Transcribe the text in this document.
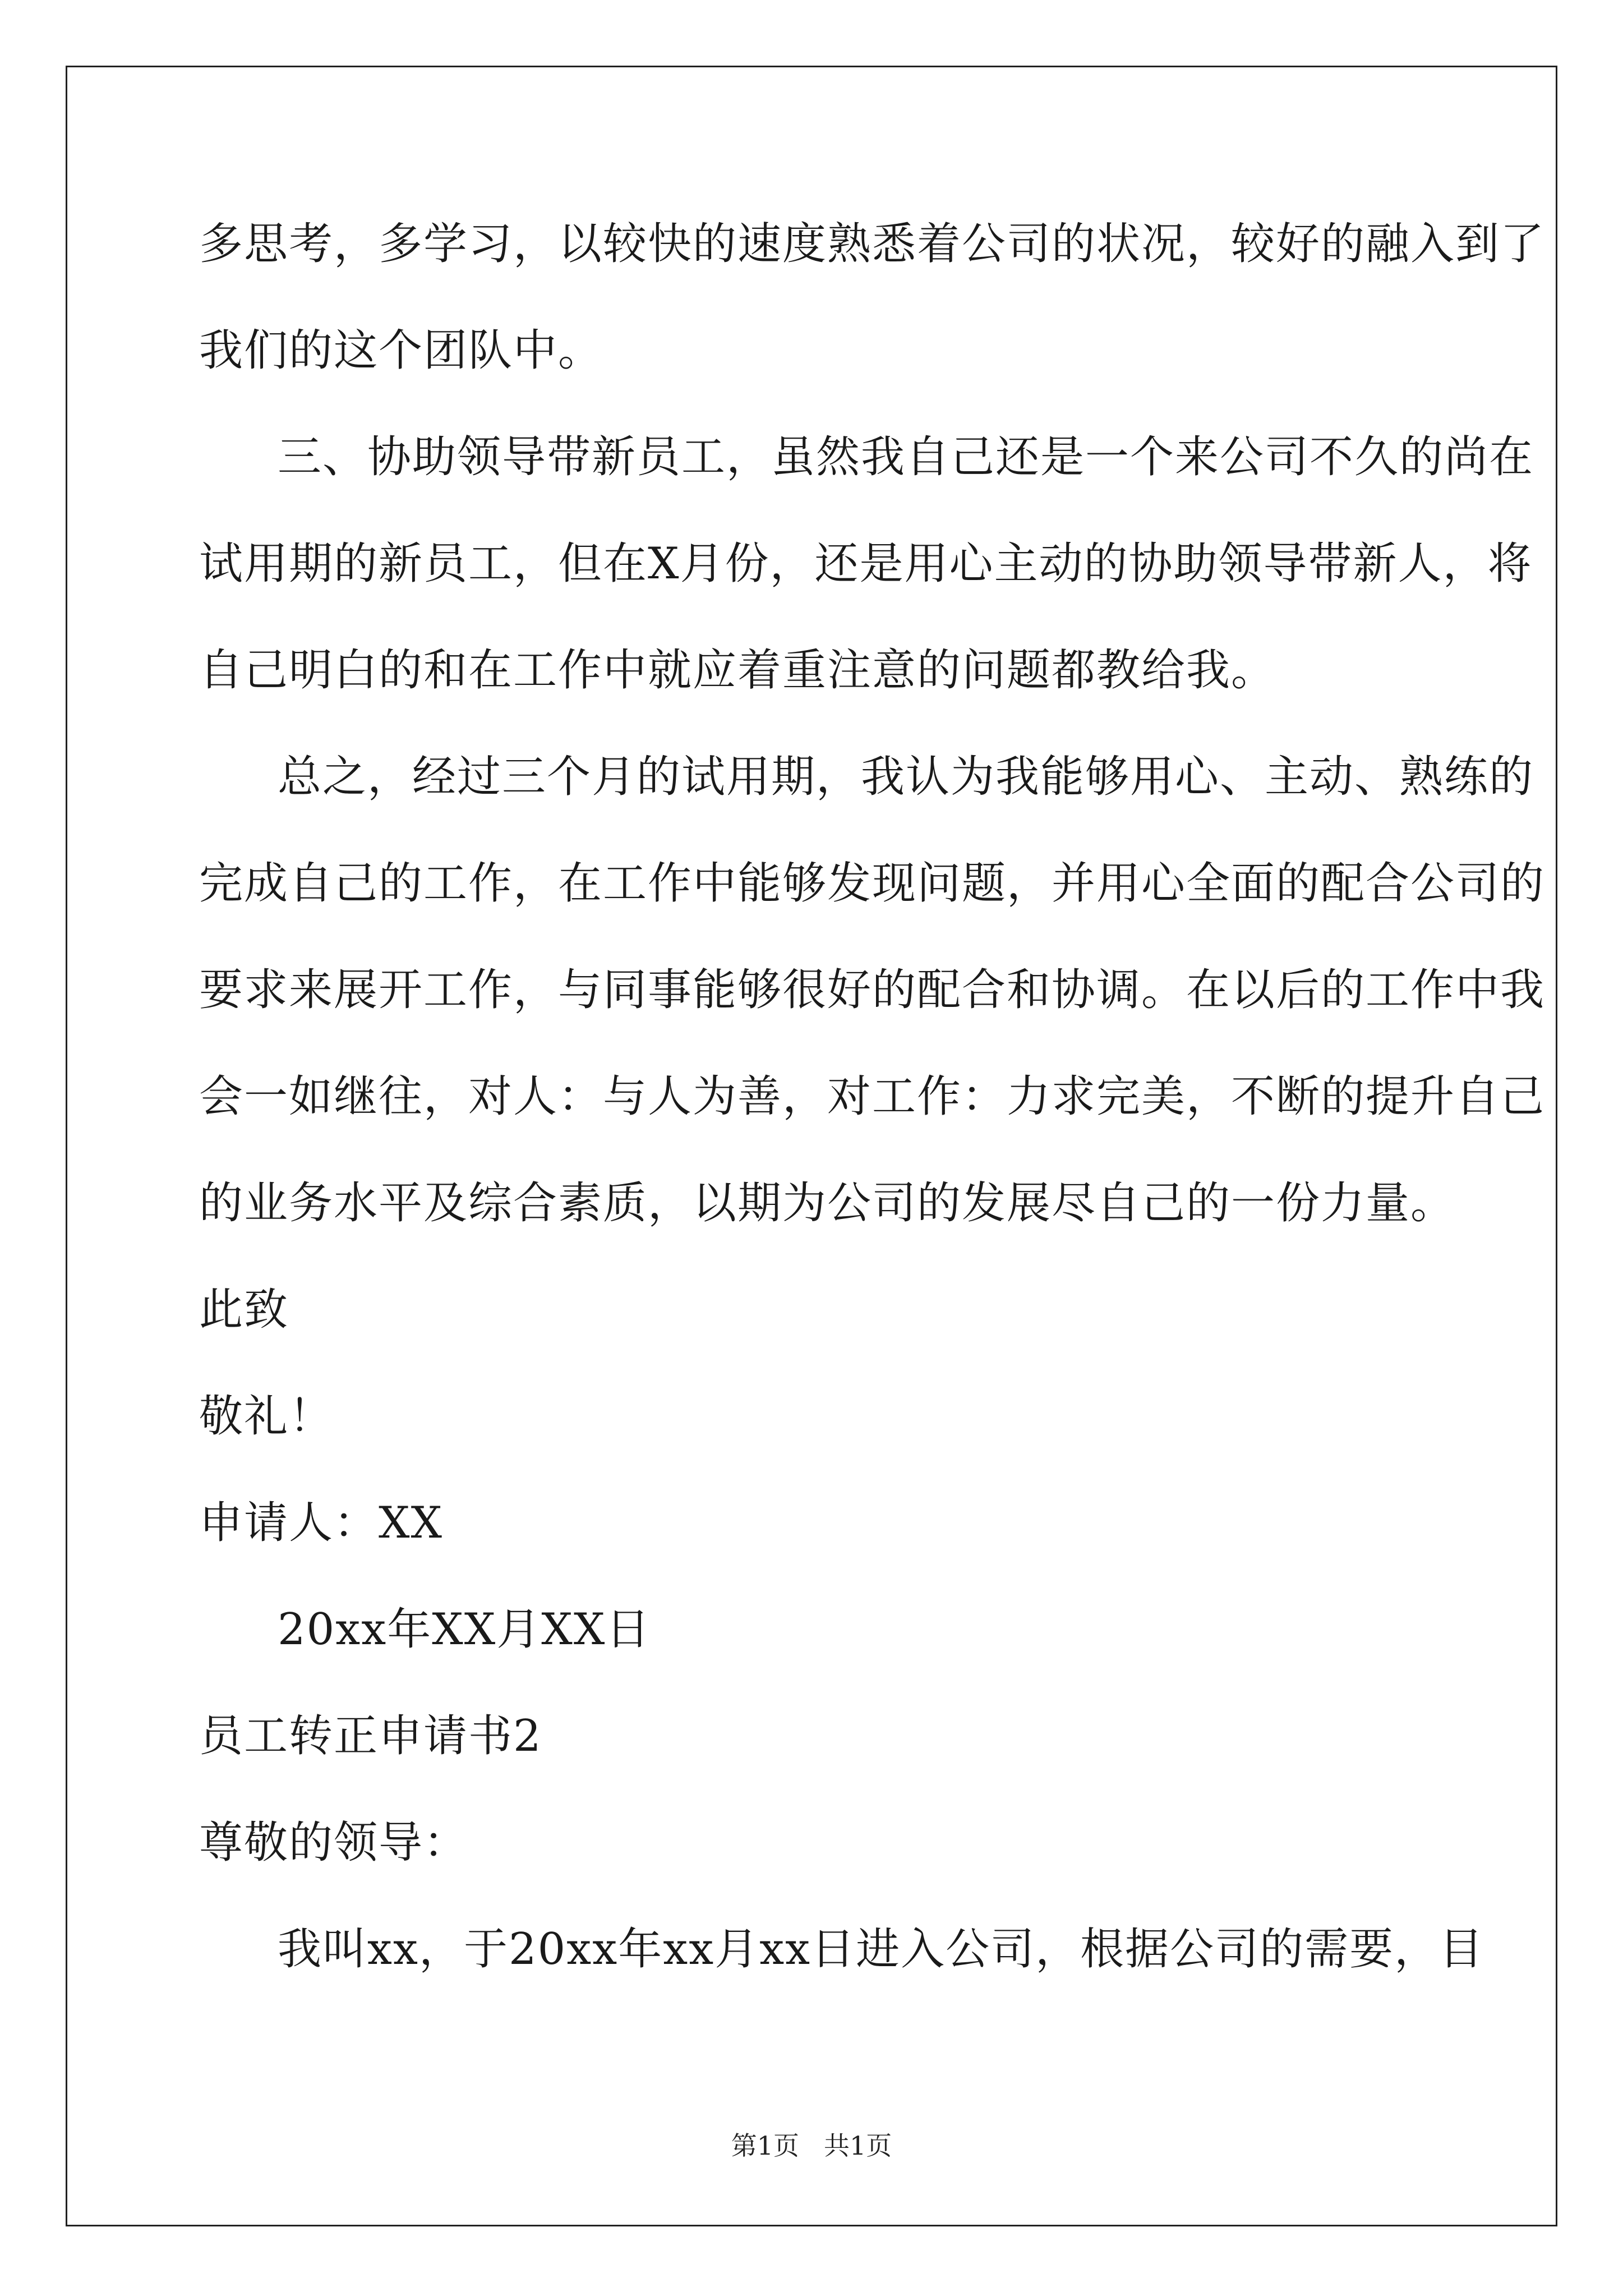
多思考，多学习，以较快的速度熟悉着公司的状况，较好的融入到了
我们的这个团队中。
三、协助领导带新员工，虽然我自己还是一个来公司不久的尚在
试用期的新员工，但在X月份，还是用心主动的协助领导带新人，将
自己明白的和在工作中就应着重注意的问题都教给我。
总之，经过三个月的试用期，我认为我能够用心、主动、熟练的
完成自己的工作，在工作中能够发现问题，并用心全面的配合公司的
要求来展开工作，与同事能够很好的配合和协调。在以后的工作中我
会一如继往，对人：与人为善，对工作：力求完美，不断的提升自己
的业务水平及综合素质，以期为公司的发展尽自己的一份力量。
此致
敬礼！
申请人：XX
20xx年XX月XX日
员工转正申请书2
尊敬的领导：
我叫xx，于20xx年xx月xx日进入公司，根据公司的需要，目
第1页 共1页
